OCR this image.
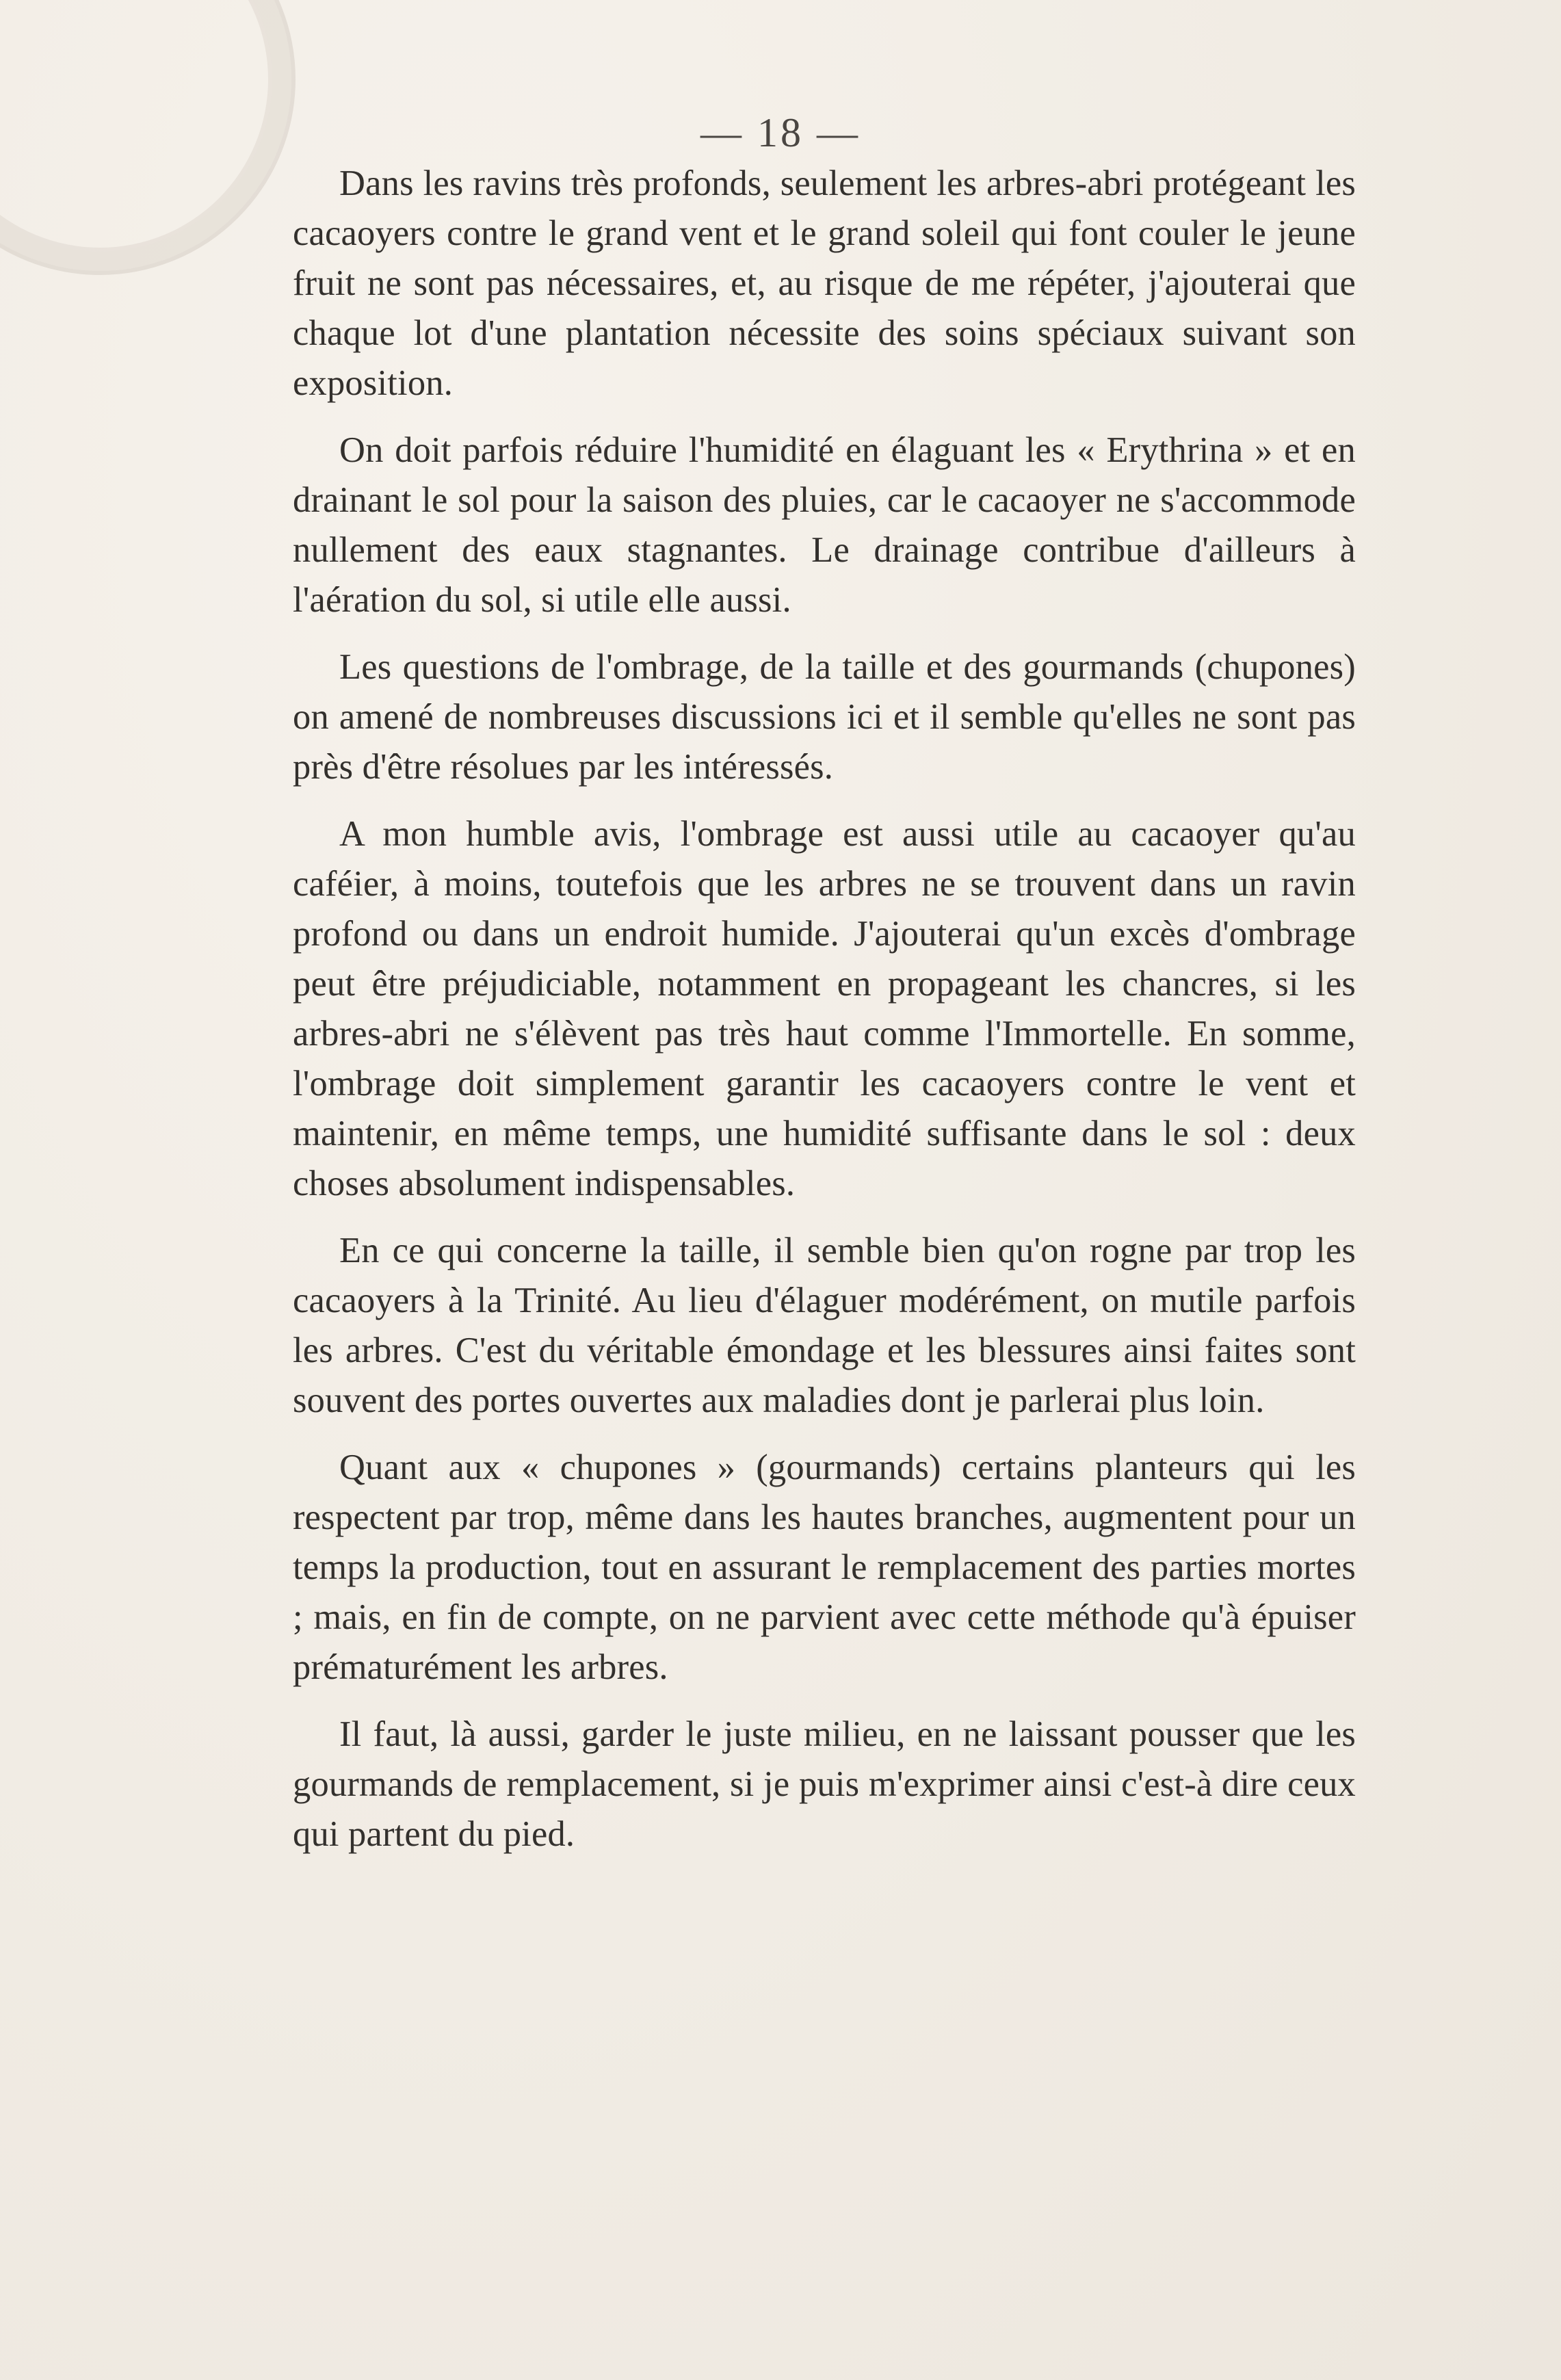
— 18 —

Dans les ravins très profonds, seulement les arbres-abri protégeant les cacaoyers contre le grand vent et le grand soleil qui font couler le jeune fruit ne sont pas nécessaires, et, au risque de me répéter, j'ajouterai que chaque lot d'une plantation nécessite des soins spéciaux suivant son exposition.

On doit parfois réduire l'humidité en élaguant les « Erythrina » et en drainant le sol pour la saison des pluies, car le cacaoyer ne s'accommode nullement des eaux stagnantes. Le drainage contribue d'ailleurs à l'aération du sol, si utile elle aussi.

Les questions de l'ombrage, de la taille et des gourmands (chupones) on amené de nombreuses discussions ici et il semble qu'elles ne sont pas près d'être résolues par les intéressés.

A mon humble avis, l'ombrage est aussi utile au cacaoyer qu'au caféier, à moins, toutefois que les arbres ne se trouvent dans un ravin profond ou dans un endroit humide. J'ajouterai qu'un excès d'ombrage peut être préjudiciable, notamment en propageant les chancres, si les arbres-abri ne s'élèvent pas très haut comme l'Immortelle. En somme, l'ombrage doit simplement garantir les cacaoyers contre le vent et maintenir, en même temps, une humidité suffisante dans le sol : deux choses absolument indispensables.

En ce qui concerne la taille, il semble bien qu'on rogne par trop les cacaoyers à la Trinité. Au lieu d'élaguer modérément, on mutile parfois les arbres. C'est du véritable émondage et les blessures ainsi faites sont souvent des portes ouvertes aux maladies dont je parlerai plus loin.

Quant aux « chupones » (gourmands) certains planteurs qui les respectent par trop, même dans les hautes branches, augmentent pour un temps la production, tout en assurant le remplacement des parties mortes ; mais, en fin de compte, on ne parvient avec cette méthode qu'à épuiser prématurément les arbres.

Il faut, là aussi, garder le juste milieu, en ne laissant pousser que les gourmands de remplacement, si je puis m'exprimer ainsi c'est-à dire ceux qui partent du pied.
